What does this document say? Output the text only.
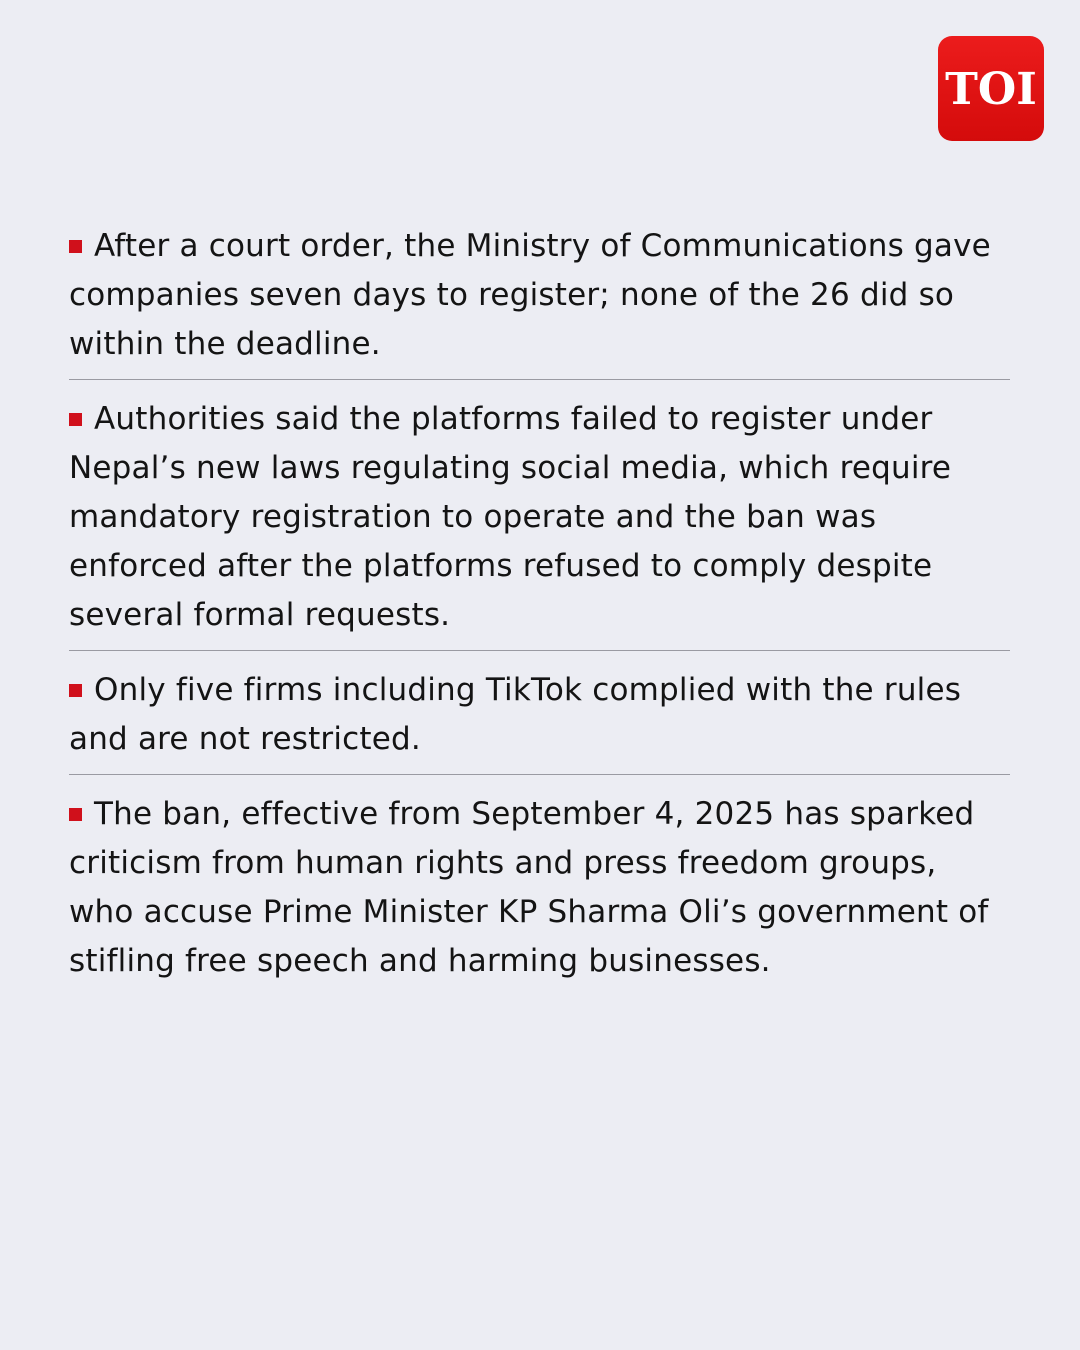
TOI
After a court order, the Ministry of Communications gave companies seven days to register; none of the 26 did so within the deadline.
Authorities said the platforms failed to register under Nepal’s new laws regulating social media, which require mandatory registration to operate and the ban was enforced after the platforms refused to comply despite several formal requests.
Only five firms including TikTok complied with the rules and are not restricted.
The ban, effective from September 4, 2025 has sparked criticism from human rights and press freedom groups, who accuse Prime Minister KP Sharma Oli’s government of stifling free speech and harming businesses.
